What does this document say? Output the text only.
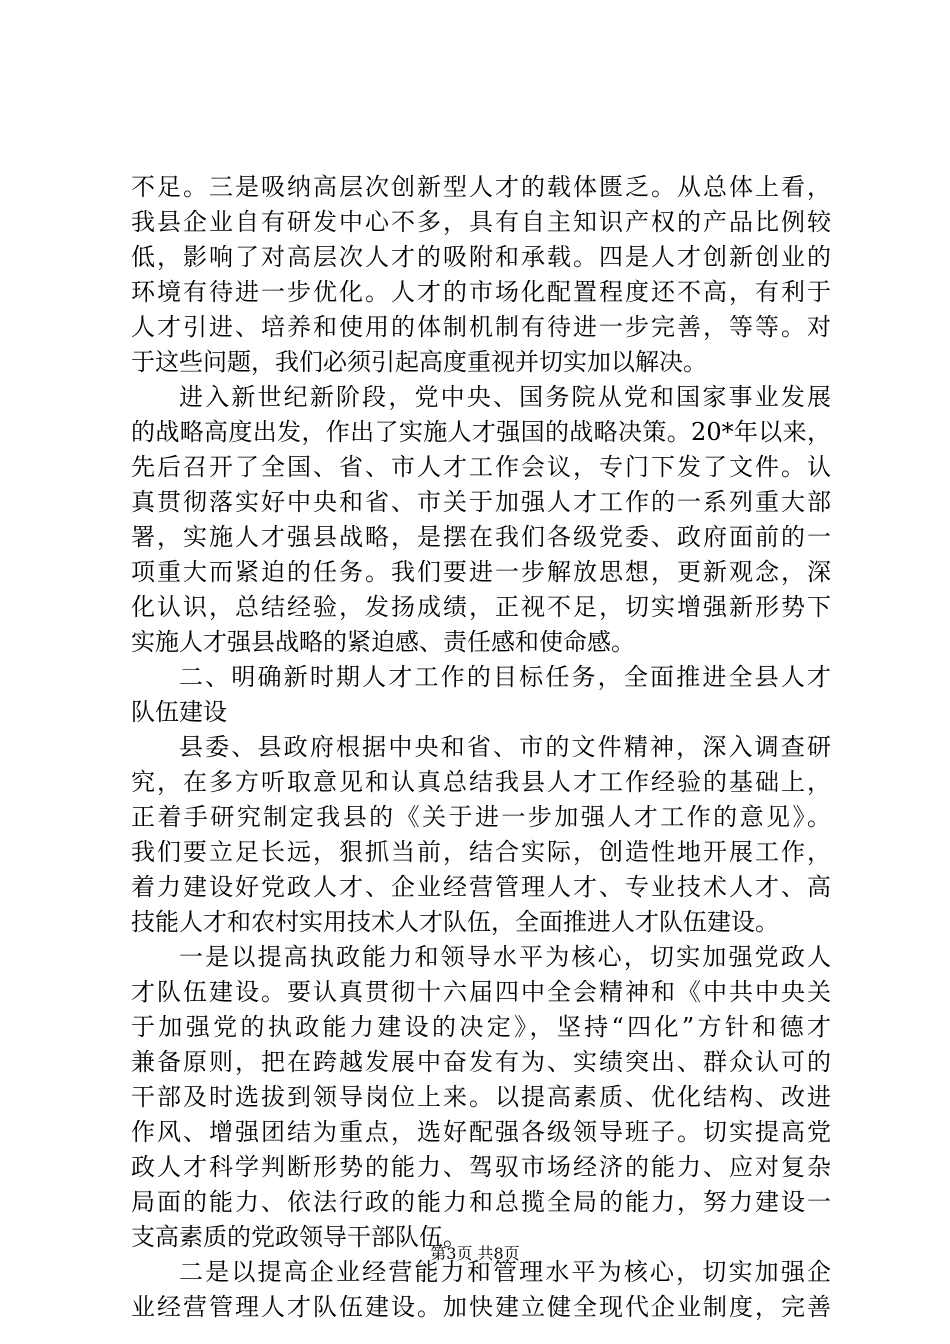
不足。三是吸纳高层次创新型人才的载体匮乏。从总体上看，
我县企业自有研发中心不多，具有自主知识产权的产品比例较
低，影响了对高层次人才的吸附和承载。四是人才创新创业的
环境有待进一步优化。人才的市场化配置程度还不高，有利于
人才引进、培养和使用的体制机制有待进一步完善，等等。对
于这些问题，我们必须引起高度重视并切实加以解决。
进入新世纪新阶段，党中央、国务院从党和国家事业发展
的战略高度出发，作出了实施人才强国的战略决策。20*年以来，
先后召开了全国、省、市人才工作会议，专门下发了文件。认
真贯彻落实好中央和省、市关于加强人才工作的一系列重大部
署，实施人才强县战略，是摆在我们各级党委、政府面前的一
项重大而紧迫的任务。我们要进一步解放思想，更新观念，深
化认识，总结经验，发扬成绩，正视不足，切实增强新形势下
实施人才强县战略的紧迫感、责任感和使命感。
二、明确新时期人才工作的目标任务，全面推进全县人才
队伍建设
县委、县政府根据中央和省、市的文件精神，深入调查研
究，在多方听取意见和认真总结我县人才工作经验的基础上，
正着手研究制定我县的《关于进一步加强人才工作的意见》。
我们要立足长远，狠抓当前，结合实际，创造性地开展工作，
着力建设好党政人才、企业经营管理人才、专业技术人才、高
技能人才和农村实用技术人才队伍，全面推进人才队伍建设。
一是以提高执政能力和领导水平为核心，切实加强党政人
才队伍建设。要认真贯彻十六届四中全会精神和《中共中央关
于加强党的执政能力建设的决定》，坚持“四化”方针和德才
兼备原则，把在跨越发展中奋发有为、实绩突出、群众认可的
干部及时选拔到领导岗位上来。以提高素质、优化结构、改进
作风、增强团结为重点，选好配强各级领导班子。切实提高党
政人才科学判断形势的能力、驾驭市场经济的能力、应对复杂
局面的能力、依法行政的能力和总揽全局的能力，努力建设一
支高素质的党政领导干部队伍。
二是以提高企业经营能力和管理水平为核心，切实加强企
业经营管理人才队伍建设。加快建立健全现代企业制度，完善
第3页 共8页
